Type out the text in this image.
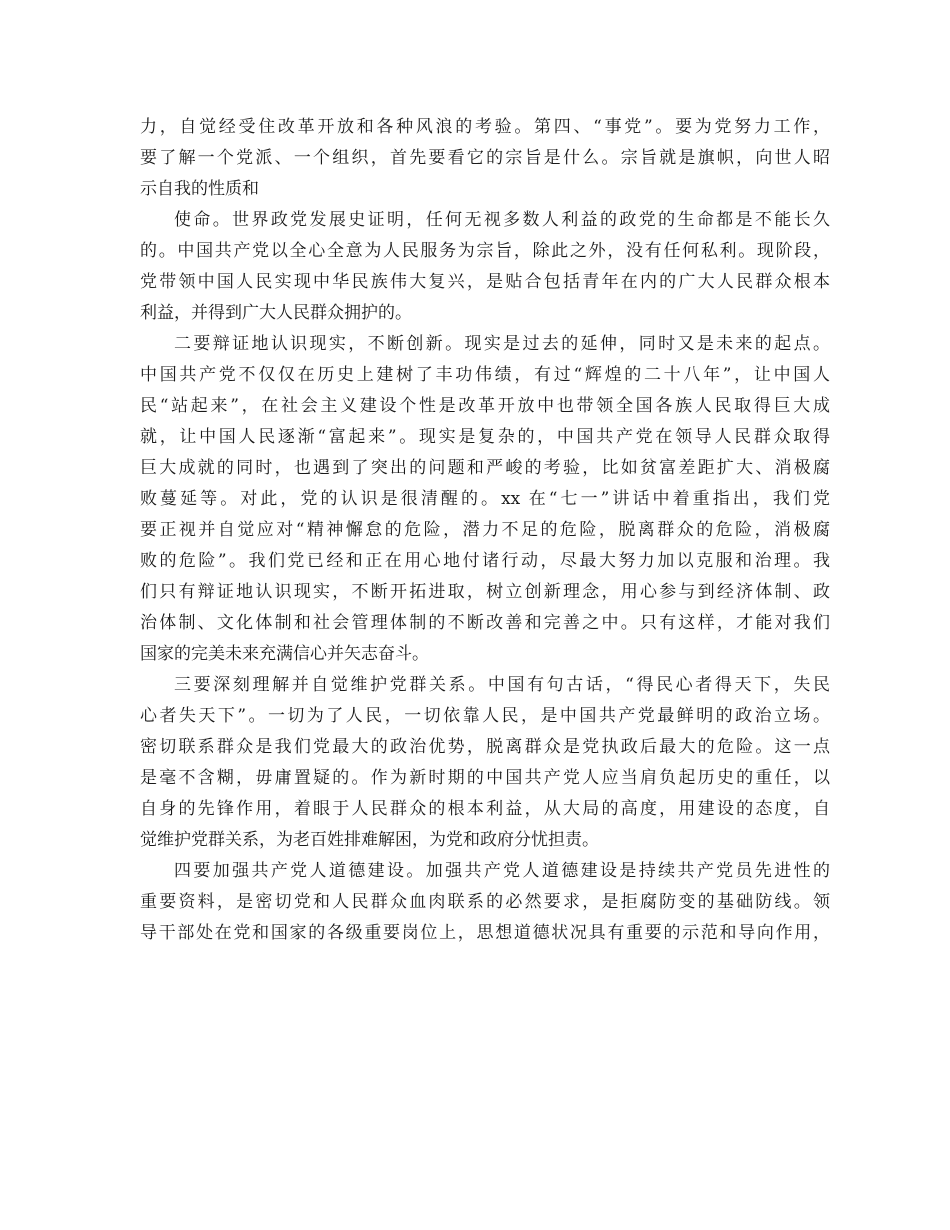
力，自觉经受住改革开放和各种风浪的考验。第四、“事党”。要为党努力工作，
要了解一个党派、一个组织，首先要看它的宗旨是什么。宗旨就是旗帜，向世人昭
示自我的性质和
使命。世界政党发展史证明，任何无视多数人利益的政党的生命都是不能长久
的。中国共产党以全心全意为人民服务为宗旨，除此之外，没有任何私利。现阶段，
党带领中国人民实现中华民族伟大复兴，是贴合包括青年在内的广大人民群众根本
利益，并得到广大人民群众拥护的。
二要辩证地认识现实，不断创新。现实是过去的延伸，同时又是未来的起点。
中国共产党不仅仅在历史上建树了丰功伟绩，有过“辉煌的二十八年”，让中国人
民“站起来”，在社会主义建设个性是改革开放中也带领全国各族人民取得巨大成
就，让中国人民逐渐“富起来”。现实是复杂的，中国共产党在领导人民群众取得
巨大成就的同时，也遇到了突出的问题和严峻的考验，比如贫富差距扩大、消极腐
败蔓延等。对此，党的认识是很清醒的。xx 在“七一”讲话中着重指出，我们党
要正视并自觉应对“精神懈怠的危险，潜力不足的危险，脱离群众的危险，消极腐
败的危险”。我们党已经和正在用心地付诸行动，尽最大努力加以克服和治理。我
们只有辩证地认识现实，不断开拓进取，树立创新理念，用心参与到经济体制、政
治体制、文化体制和社会管理体制的不断改善和完善之中。只有这样，才能对我们
国家的完美未来充满信心并矢志奋斗。
三要深刻理解并自觉维护党群关系。中国有句古话，“得民心者得天下，失民
心者失天下”。一切为了人民，一切依靠人民，是中国共产党最鲜明的政治立场。
密切联系群众是我们党最大的政治优势，脱离群众是党执政后最大的危险。这一点
是毫不含糊，毋庸置疑的。作为新时期的中国共产党人应当肩负起历史的重任，以
自身的先锋作用，着眼于人民群众的根本利益，从大局的高度，用建设的态度，自
觉维护党群关系，为老百姓排难解困，为党和政府分忧担责。
四要加强共产党人道德建设。加强共产党人道德建设是持续共产党员先进性的
重要资料，是密切党和人民群众血肉联系的必然要求，是拒腐防变的基础防线。领
导干部处在党和国家的各级重要岗位上，思想道德状况具有重要的示范和导向作用，
